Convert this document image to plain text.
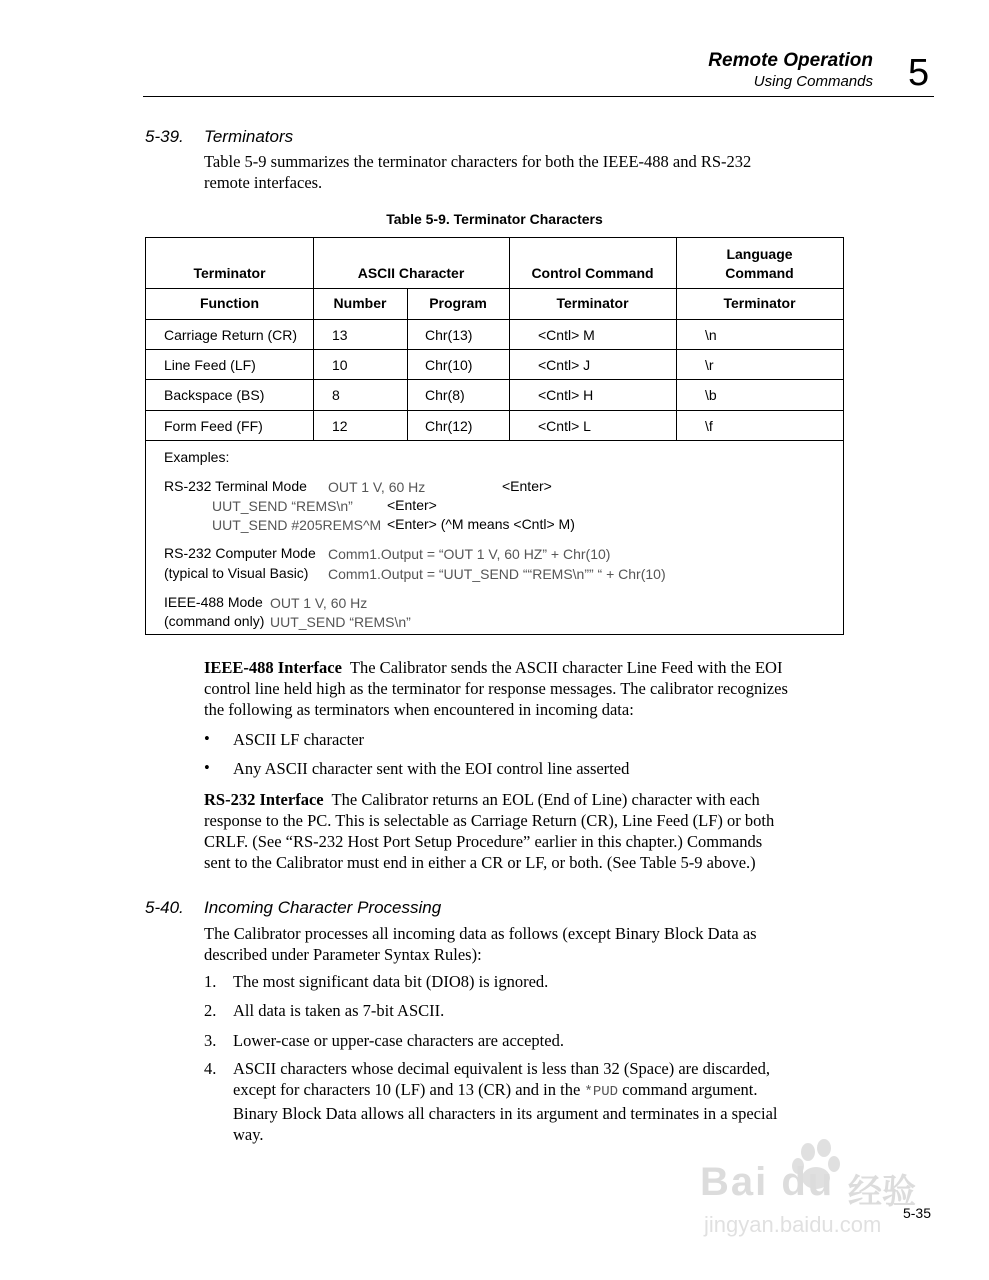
Remote Operation
Using Commands 5
5-39. Terminators
Table 5-9 summarizes the terminator characters for both the IEEE-488 and RS-232
remote interfaces.
Table 5-9. Terminator Characters
Terminator	ASCII Character	Control Command
Language
Command
Function	Number	Program	Terminator	Terminator
Carriage Return (CR) 13	Chr(13)	<Cntl> M	\n
Line Feed (LF)	10	Chr(10)	<Cntl> J	\r
Backspace (BS)	8	Chr(8)	<Cntl> H	\b
Form Feed (FF)	12	Chr(12)	<Cntl> L	\f
Examples:
RS-232 Terminal Mode OUT 1 V, 60 Hz	<Enter>
UUT_SEND “REMS\n” <Enter>
UUT_SEND #205REMS^M <Enter> (^M means <Cntl> M)
RS-232 Computer Mode Comm1.Output = “OUT 1 V, 60 HZ” + Chr(10)
(typical to Visual Basic) Comm1.Output = “UUT_SEND ““REMS\n”” “ + Chr(10)
IEEE-488 Mode OUT 1 V, 60 Hz
(command only) UUT_SEND “REMS\n”
IEEE-488 Interface  The Calibrator sends the ASCII character Line Feed with the EOI
control line held high as the terminator for response messages. The calibrator recognizes
the following as terminators when encountered in incoming data:
• ASCII LF character
• Any ASCII character sent with the EOI control line asserted
RS-232 Interface  The Calibrator returns an EOL (End of Line) character with each
response to the PC. This is selectable as Carriage Return (CR), Line Feed (LF) or both
CRLF. (See “RS-232 Host Port Setup Procedure” earlier in this chapter.) Commands
sent to the Calibrator must end in either a CR or LF, or both. (See Table 5-9 above.)
5-40. Incoming Character Processing
The Calibrator processes all incoming data as follows (except Binary Block Data as
described under Parameter Syntax Rules):
1.	The most significant data bit (DIO8) is ignored.
2.	All data is taken as 7-bit ASCII.
3.	Lower-case or upper-case characters are accepted.
4.	ASCII characters whose decimal equivalent is less than 32 (Space) are discarded,
except for characters 10 (LF) and 13 (CR) and in the *PUD command argument.
Binary Block Data allows all characters in its argument and terminates in a special
way.
Bai du 经验
jingyan.baidu.com 5-35
